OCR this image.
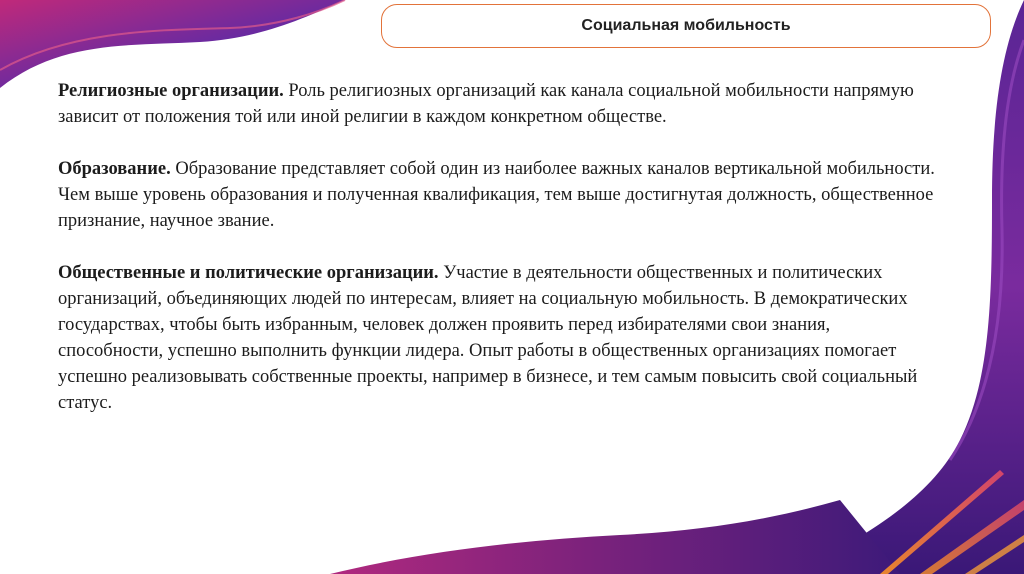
Социальная мобильность

Религиозные организации. Роль религиозных организаций как канала социальной мобильности напрямую зависит от положения той или иной религии в каждом конкретном обществе.

Образование. Образование представляет собой один из наиболее важных каналов вертикальной мобильности. Чем выше уровень образования и полученная квалификация, тем выше достигнутая должность, общественное признание, научное звание.

Общественные и политические организации. Участие в деятельности общественных и политических организаций, объединяющих людей по интересам, влияет на социальную мобильность. В демократических государствах, чтобы быть избранным, человек должен проявить перед избирателями свои знания, способности, успешно выполнить функции лидера. Опыт работы в общественных организациях помогает успешно реализовывать собственные проекты, например в бизнесе, и тем самым повысить свой социальный статус.
